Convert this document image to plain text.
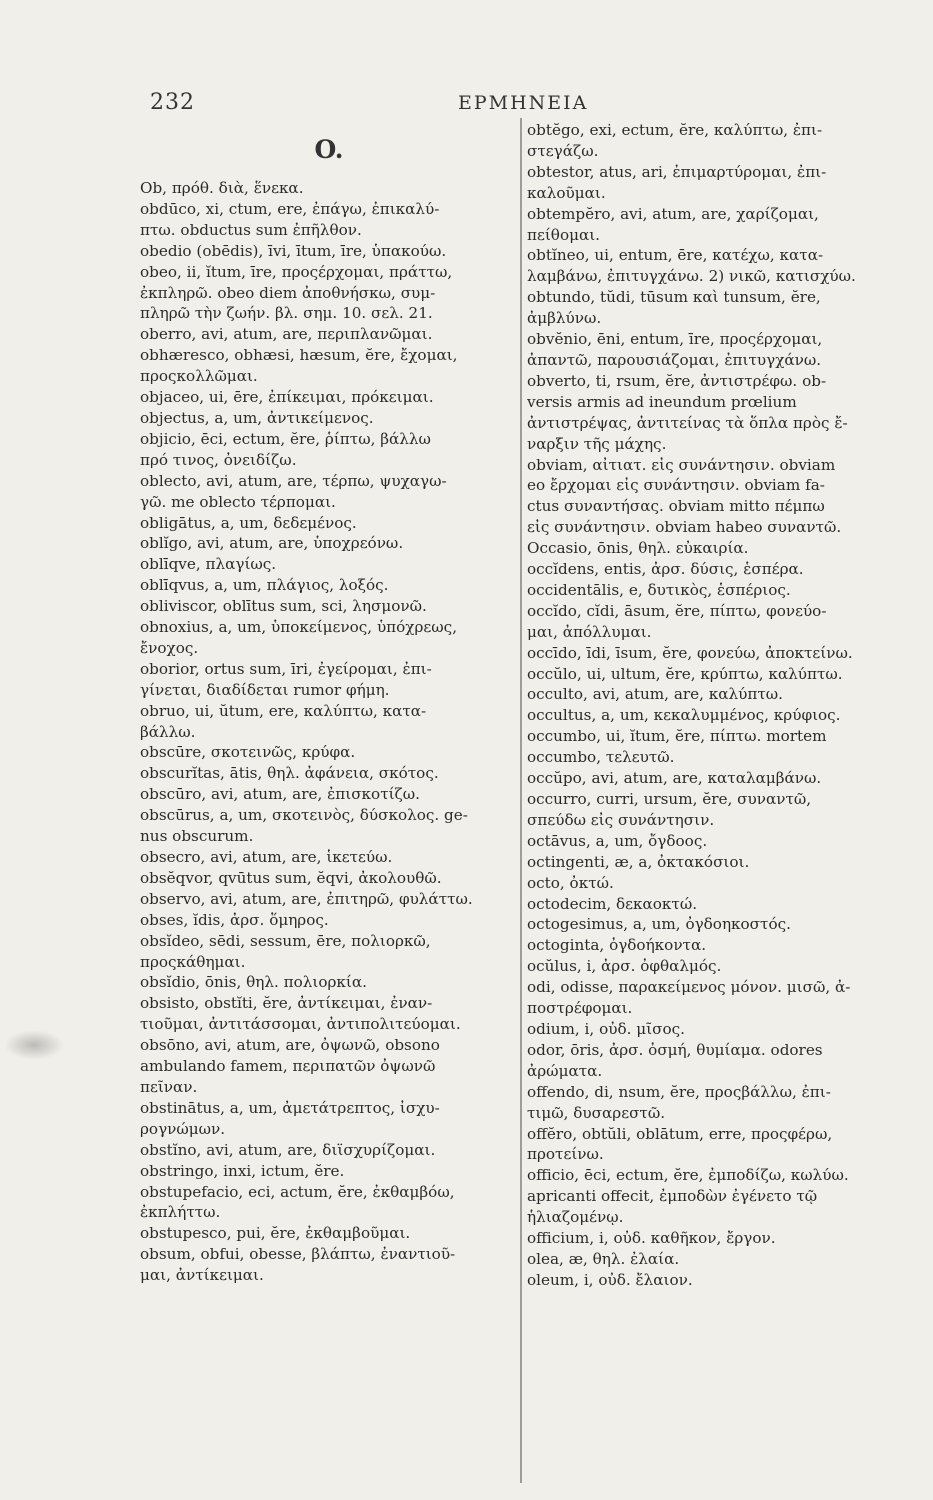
232	ΕΡΜΗΝΕΙΑ
O.
Ob, πρόθ. διὰ, ἕνεκα.
obdūco, xi, ctum, ere, ἐπάγω, ἐπικαλύ-
πτω. obductus sum ἐπῆλθον.
obedio (obēdis), īvi, ītum, īre, ὑπακούω.
obeo, ii, ĭtum, īre, προςέρχομαι, πράττω,
ἐκπληρῶ. obeo diem ἀποθνήσκω, συμ-
πληρῶ τὴν ζωήν. βλ. σημ. 10. σελ. 21.
oberro, avi, atum, are, περιπλανῶμαι.
obhæresco, obhæsi, hæsum, ĕre, ἔχομαι,
προςκολλῶμαι.
objaceo, ui, ēre, ἐπίκειμαι, πρόκειμαι.
objectus, a, um, ἀντικείμενος.
objicio, ēci, ectum, ĕre, ῥίπτω, βάλλω
πρό τινος, ὀνειδίζω.
oblecto, avi, atum, are, τέρπω, ψυχαγω-
γῶ. me oblecto τέρπομαι.
obligātus, a, um, δεδεμένος.
oblĭgo, avi, atum, are, ὑποχρεόνω.
oblīqve, πλαγίως.
oblīqvus, a, um, πλάγιος, λοξός.
obliviscor, oblītus sum, sci, λησμονῶ.
obnoxius, a, um, ὑποκείμενος, ὑπόχρεως,
ἔνοχος.
oborior, ortus sum, īri, ἐγείρομαι, ἐπι-
γίνεται, διαδίδεται rumor φήμη.
obruo, ui, ŭtum, ere, καλύπτω, κατα-
βάλλω.
obscūre, σκοτεινῶς, κρύφα.
obscurĭtas, ātis, θηλ. ἀφάνεια, σκότος.
obscūro, avi, atum, are, ἐπισκοτίζω.
obscūrus, a, um, σκοτεινὸς, δύσκολος. ge-
nus obscurum.
obsecro, avi, atum, are, ἱκετεύω.
obsĕqvor, qvūtus sum, ĕqvi, ἀκολουθῶ.
observo, avi, atum, are, ἐπιτηρῶ, φυλάττω.
obses, ĭdis, ἀρσ. ὅμηρος.
obsĭdeo, sēdi, sessum, ēre, πολιορκῶ,
προςκάθημαι.
obsĭdio, ōnis, θηλ. πολιορκία.
obsisto, obstĭti, ĕre, ἀντίκειμαι, ἐναν-
τιοῦμαι, ἀντιτάσσομαι, ἀντιπολιτεύομαι.
obsōno, avi, atum, are, ὀψωνῶ, obsono
ambulando famem, περιπατῶν ὀψωνῶ
πεῖναν.
obstinātus, a, um, ἀμετάτρεπτος, ἰσχυ-
ρογνώμων.
obstĭno, avi, atum, are, διϊσχυρίζομαι.
obstringo, inxi, ictum, ĕre.
obstupefacio, eci, actum, ĕre, ἐκθαμβόω,
ἐκπλήττω.
obstupesco, pui, ĕre, ἐκθαμβοῦμαι.
obsum, obfui, obesse, βλάπτω, ἐναντιοῦ-
μαι, ἀντίκειμαι.
obtĕgo, exi, ectum, ĕre, καλύπτω, ἐπι-
στεγάζω.
obtestor, atus, ari, ἐπιμαρτύρομαι, ἐπι-
καλοῦμαι.
obtempĕro, avi, atum, are, χαρίζομαι,
πείθομαι.
obtĭneo, ui, entum, ēre, κατέχω, κατα-
λαμβάνω, ἐπιτυγχάνω. 2) νικῶ, κατισχύω.
obtundo, tŭdi, tūsum καὶ tunsum, ĕre,
ἀμβλύνω.
obvĕnio, ēni, entum, īre, προςέρχομαι,
ἀπαντῶ, παρουσιάζομαι, ἐπιτυγχάνω.
obverto, ti, rsum, ĕre, ἀντιστρέφω. ob-
versis armis ad ineundum prœlium
ἀντιστρέψας, ἀντιτείνας τὰ ὅπλα πρὸς ἔ-
ναρξιν τῆς μάχης.
obviam, αἰτιατ. εἰς συνάντησιν. obviam
eo ἔρχομαι εἰς συνάντησιν. obviam fa-
ctus συναντήσας. obviam mitto πέμπω
εἰς συνάντησιν. obviam habeo συναντῶ.
Occasio, ōnis, θηλ. εὐκαιρία.
occĭdens, entis, ἀρσ. δύσις, ἑσπέρα.
occidentālis, e, δυτικὸς, ἑσπέριος.
occĭdo, cĭdi, āsum, ĕre, πίπτω, φονεύο-
μαι, ἀπόλλυμαι.
occīdo, īdi, īsum, ĕre, φονεύω, ἀποκτείνω.
occŭlo, ui, ultum, ĕre, κρύπτω, καλύπτω.
occulto, avi, atum, are, καλύπτω.
occultus, a, um, κεκαλυμμένος, κρύφιος.
occumbo, ui, ĭtum, ĕre, πίπτω. mortem
occumbo, τελευτῶ.
occŭpo, avi, atum, are, καταλαμβάνω.
occurro, curri, ursum, ĕre, συναντῶ,
σπεύδω εἰς συνάντησιν.
octāvus, a, um, ὄγδοος.
octingenti, æ, a, ὀκτακόσιοι.
octo, ὀκτώ.
octodecim, δεκαοκτώ.
octogesimus, a, um, ὀγδοηκοστός.
octoginta, ὀγδοήκοντα.
ocŭlus, i, ἀρσ. ὀφθαλμός.
odi, odisse, παρακείμενος μόνον. μισῶ, ἀ-
ποστρέφομαι.
odium, i, οὐδ. μῖσος.
odor, ōris, ἀρσ. ὀσμή, θυμίαμα. odores
ἀρώματα.
offendo, di, nsum, ĕre, προςβάλλω, ἐπι-
τιμῶ, δυσαρεστῶ.
offĕro, obtŭli, oblātum, erre, προςφέρω,
προτείνω.
officio, ēci, ectum, ĕre, ἐμποδίζω, κωλύω.
apricanti offecit, ἐμποδὼν ἐγένετο τῷ
ἡλιαζομένῳ.
officium, i, οὐδ. καθῆκον, ἔργον.
olea, æ, θηλ. ἐλαία.
oleum, i, οὐδ. ἔλαιον.
